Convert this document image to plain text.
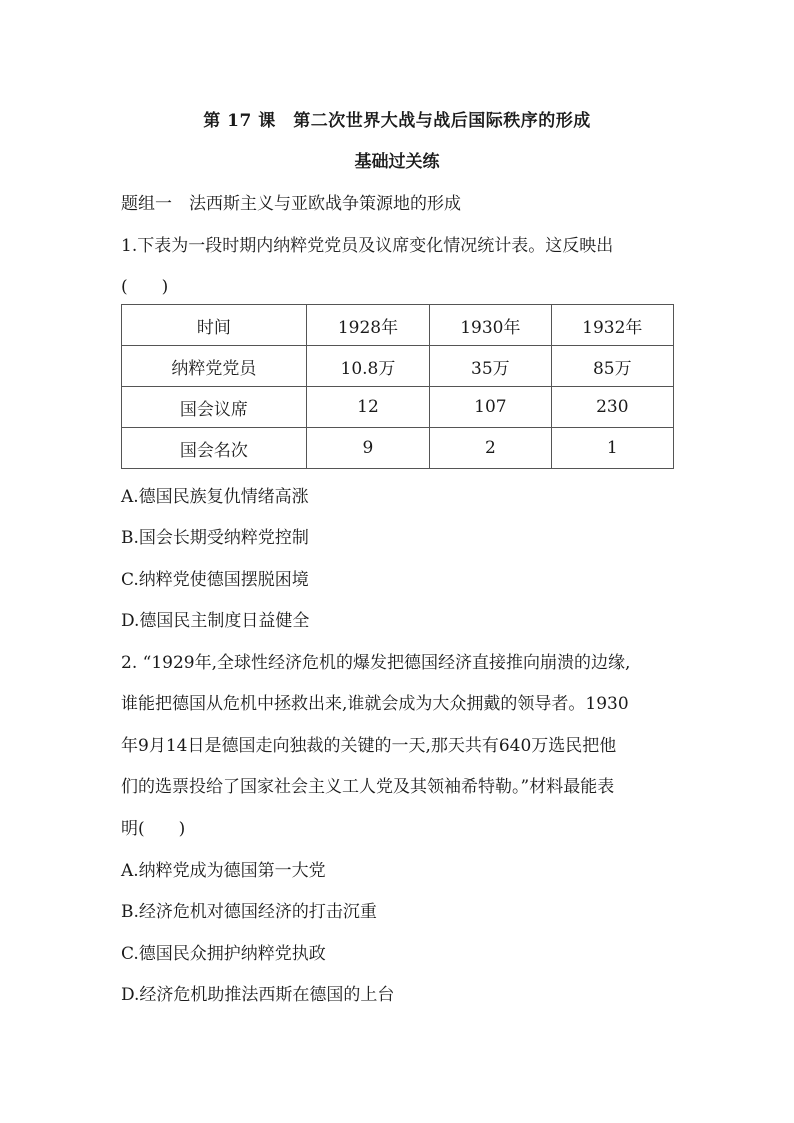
第 17 课　第二次世界大战与战后国际秩序的形成
基础过关练
题组一　法西斯主义与亚欧战争策源地的形成
1.下表为一段时期内纳粹党党员及议席变化情况统计表。这反映出
(　　)
时间	1928年	1930年	1932年
纳粹党党员	10.8万	35万	85万
国会议席	12	107	230
国会名次	9	2	1
A.德国民族复仇情绪高涨
B.国会长期受纳粹党控制
C.纳粹党使德国摆脱困境
D.德国民主制度日益健全
2. “1929年,全球性经济危机的爆发把德国经济直接推向崩溃的边缘,
谁能把德国从危机中拯救出来,谁就会成为大众拥戴的领导者。1930
年9月14日是德国走向独裁的关键的一天,那天共有640万选民把他
们的选票投给了国家社会主义工人党及其领袖希特勒。”材料最能表
明(　　)
A.纳粹党成为德国第一大党
B.经济危机对德国经济的打击沉重
C.德国民众拥护纳粹党执政
D.经济危机助推法西斯在德国的上台
